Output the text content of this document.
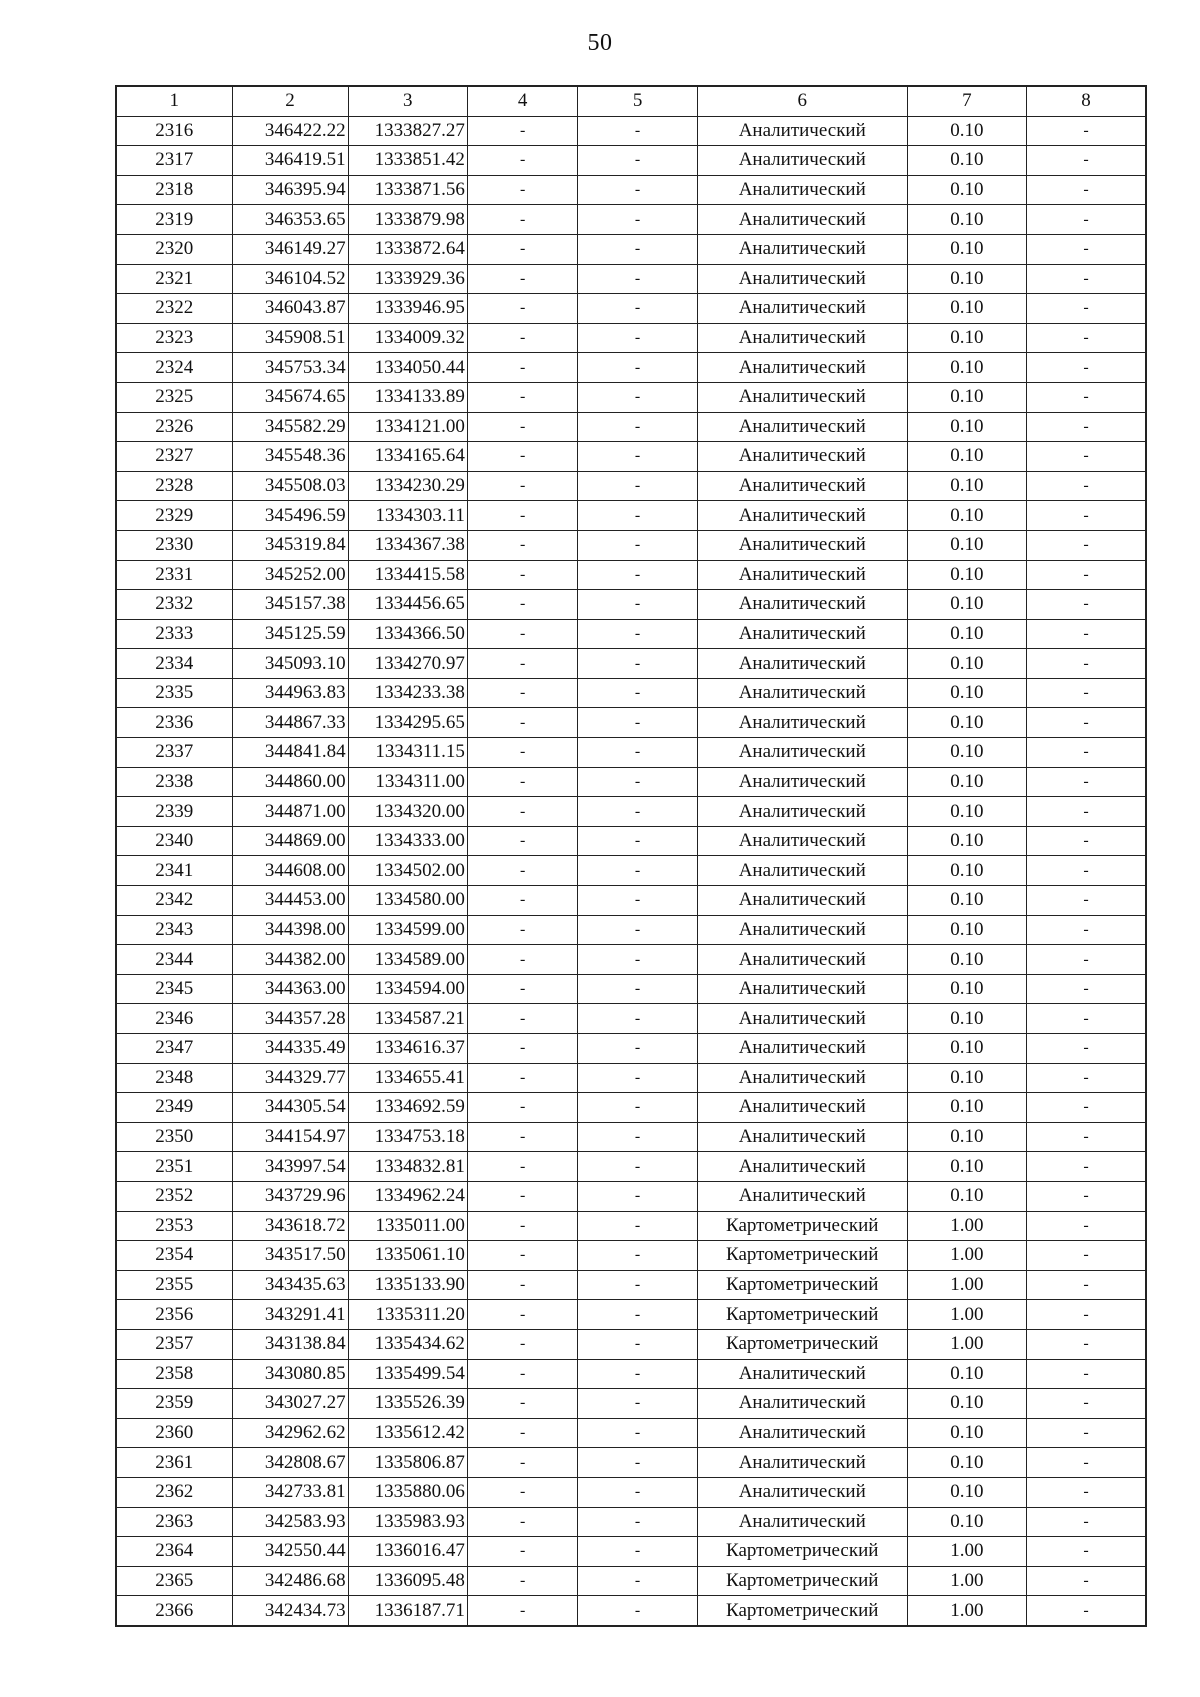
50
1	2	3	4	5	6	7	8
2316	346422.22	1333827.27	-	-	Аналитический	0.10	-
2317	346419.51	1333851.42	-	-	Аналитический	0.10	-
2318	346395.94	1333871.56	-	-	Аналитический	0.10	-
2319	346353.65	1333879.98	-	-	Аналитический	0.10	-
2320	346149.27	1333872.64	-	-	Аналитический	0.10	-
2321	346104.52	1333929.36	-	-	Аналитический	0.10	-
2322	346043.87	1333946.95	-	-	Аналитический	0.10	-
2323	345908.51	1334009.32	-	-	Аналитический	0.10	-
2324	345753.34	1334050.44	-	-	Аналитический	0.10	-
2325	345674.65	1334133.89	-	-	Аналитический	0.10	-
2326	345582.29	1334121.00	-	-	Аналитический	0.10	-
2327	345548.36	1334165.64	-	-	Аналитический	0.10	-
2328	345508.03	1334230.29	-	-	Аналитический	0.10	-
2329	345496.59	1334303.11	-	-	Аналитический	0.10	-
2330	345319.84	1334367.38	-	-	Аналитический	0.10	-
2331	345252.00	1334415.58	-	-	Аналитический	0.10	-
2332	345157.38	1334456.65	-	-	Аналитический	0.10	-
2333	345125.59	1334366.50	-	-	Аналитический	0.10	-
2334	345093.10	1334270.97	-	-	Аналитический	0.10	-
2335	344963.83	1334233.38	-	-	Аналитический	0.10	-
2336	344867.33	1334295.65	-	-	Аналитический	0.10	-
2337	344841.84	1334311.15	-	-	Аналитический	0.10	-
2338	344860.00	1334311.00	-	-	Аналитический	0.10	-
2339	344871.00	1334320.00	-	-	Аналитический	0.10	-
2340	344869.00	1334333.00	-	-	Аналитический	0.10	-
2341	344608.00	1334502.00	-	-	Аналитический	0.10	-
2342	344453.00	1334580.00	-	-	Аналитический	0.10	-
2343	344398.00	1334599.00	-	-	Аналитический	0.10	-
2344	344382.00	1334589.00	-	-	Аналитический	0.10	-
2345	344363.00	1334594.00	-	-	Аналитический	0.10	-
2346	344357.28	1334587.21	-	-	Аналитический	0.10	-
2347	344335.49	1334616.37	-	-	Аналитический	0.10	-
2348	344329.77	1334655.41	-	-	Аналитический	0.10	-
2349	344305.54	1334692.59	-	-	Аналитический	0.10	-
2350	344154.97	1334753.18	-	-	Аналитический	0.10	-
2351	343997.54	1334832.81	-	-	Аналитический	0.10	-
2352	343729.96	1334962.24	-	-	Аналитический	0.10	-
2353	343618.72	1335011.00	-	-	Картометрический	1.00	-
2354	343517.50	1335061.10	-	-	Картометрический	1.00	-
2355	343435.63	1335133.90	-	-	Картометрический	1.00	-
2356	343291.41	1335311.20	-	-	Картометрический	1.00	-
2357	343138.84	1335434.62	-	-	Картометрический	1.00	-
2358	343080.85	1335499.54	-	-	Аналитический	0.10	-
2359	343027.27	1335526.39	-	-	Аналитический	0.10	-
2360	342962.62	1335612.42	-	-	Аналитический	0.10	-
2361	342808.67	1335806.87	-	-	Аналитический	0.10	-
2362	342733.81	1335880.06	-	-	Аналитический	0.10	-
2363	342583.93	1335983.93	-	-	Аналитический	0.10	-
2364	342550.44	1336016.47	-	-	Картометрический	1.00	-
2365	342486.68	1336095.48	-	-	Картометрический	1.00	-
2366	342434.73	1336187.71	-	-	Картометрический	1.00	-
